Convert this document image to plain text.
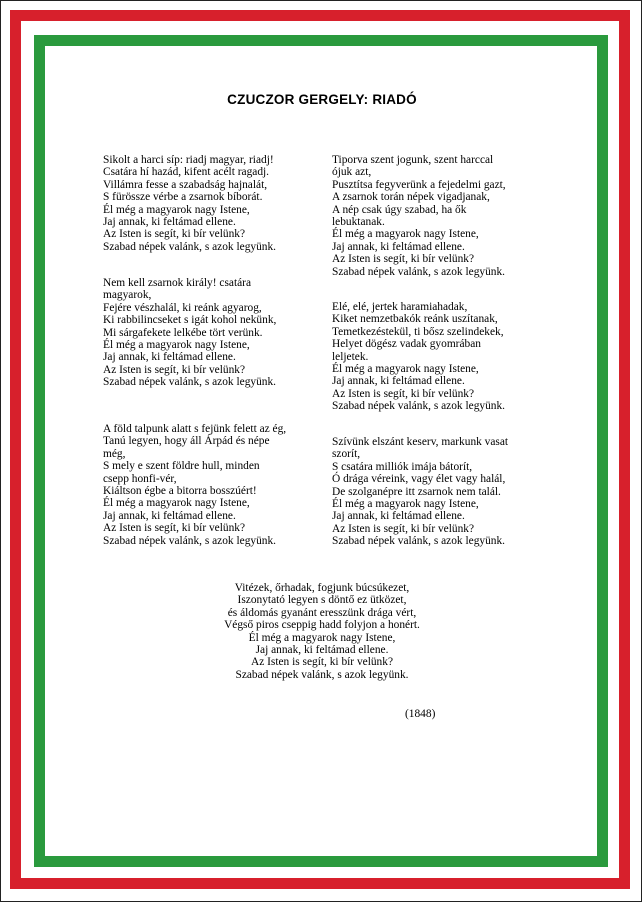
CZUCZOR GERGELY: RIADÓ
Sikolt a harci síp: riadj magyar, riadj!
Csatára hí hazád, kifent acélt ragadj.
Villámra fesse a szabadság hajnalát,
S fürössze vérbe a zsarnok bíborát.
Él még a magyarok nagy Istene,
Jaj annak, ki feltámad ellene.
Az Isten is segít, ki bír velünk?
Szabad népek valánk, s azok legyünk.
Tiporva szent jogunk, szent harccal
ójuk azt,
Pusztítsa fegyverünk a fejedelmi gazt,
A zsarnok torán népek vigadjanak,
A nép csak úgy szabad, ha ők
lebuktanak.
Él még a magyarok nagy Istene,
Jaj annak, ki feltámad ellene.
Az Isten is segít, ki bír velünk?
Szabad népek valánk, s azok legyünk.
Nem kell zsarnok király! csatára
magyarok,
Fejére vészhalál, ki reánk agyarog,
Ki rabbilincseket s igát kohol nekünk,
Mi sárgafekete lelkébe tört verünk.
Él még a magyarok nagy Istene,
Jaj annak, ki feltámad ellene.
Az Isten is segít, ki bír velünk?
Szabad népek valánk, s azok legyünk.
Elé, elé, jertek haramiahadak,
Kiket nemzetbakók reánk uszítanak,
Temetkezéstekül, ti bősz szelindekek,
Helyet dögész vadak gyomrában
leljetek.
Él még a magyarok nagy Istene,
Jaj annak, ki feltámad ellene.
Az Isten is segít, ki bír velünk?
Szabad népek valánk, s azok legyünk.
A föld talpunk alatt s fejünk felett az ég,
Tanú legyen, hogy áll Árpád és népe
még,
S mely e szent földre hull, minden
csepp honfi-vér,
Kiáltson égbe a bitorra bosszúért!
Él még a magyarok nagy Istene,
Jaj annak, ki feltámad ellene.
Az Isten is segít, ki bír velünk?
Szabad népek valánk, s azok legyünk.
Szívünk elszánt keserv, markunk vasat
szorít,
S csatára milliók imája bátorít,
Ó drága véreink, vagy élet vagy halál,
De szolganépre itt zsarnok nem talál.
Él még a magyarok nagy Istene,
Jaj annak, ki feltámad ellene.
Az Isten is segít, ki bír velünk?
Szabad népek valánk, s azok legyünk.
Vitézek, őrhadak, fogjunk búcsúkezet,
Iszonytató legyen s döntő ez ütközet,
és áldomás gyanánt eresszünk drága vért,
Végső piros cseppig hadd folyjon a honért.
Él még a magyarok nagy Istene,
Jaj annak, ki feltámad ellene.
Az Isten is segít, ki bír velünk?
Szabad népek valánk, s azok legyünk.
(1848)
